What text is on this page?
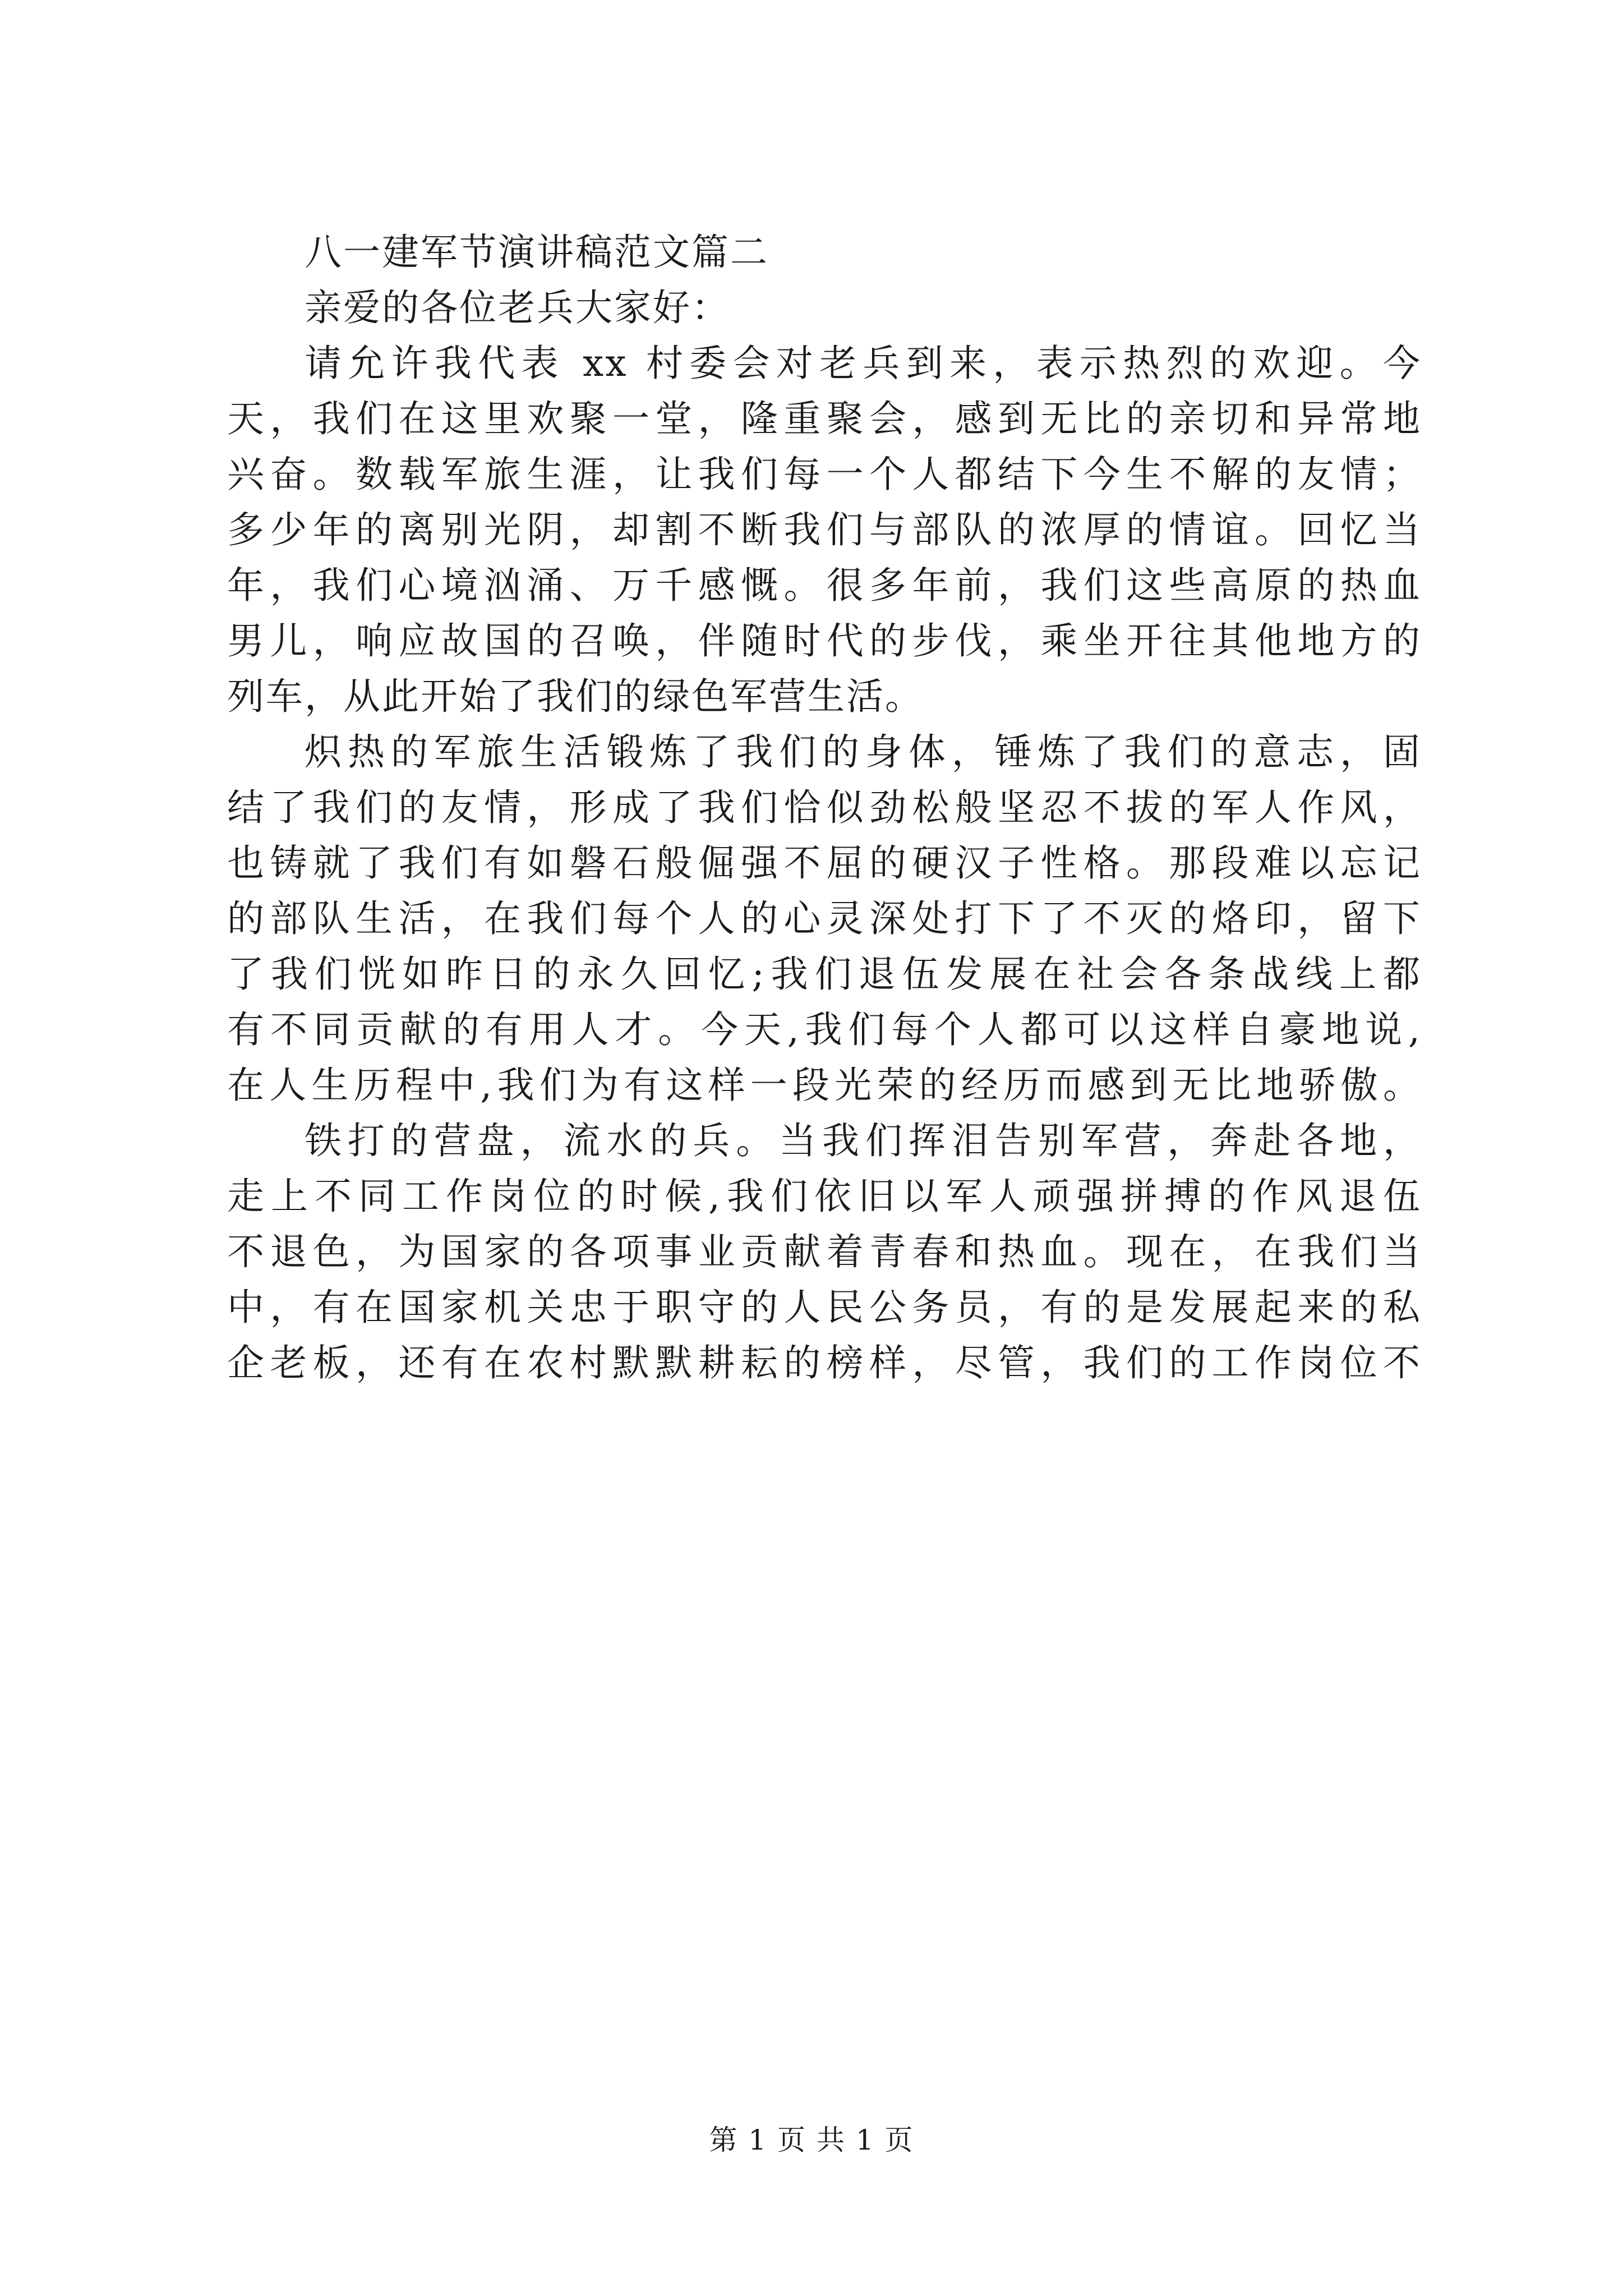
八一建军节演讲稿范文篇二
亲爱的各位老兵大家好：
请允许我代表 xx 村委会对老兵到来，表示热烈的欢迎。今
天，我们在这里欢聚一堂，隆重聚会，感到无比的亲切和异常地
兴奋。数载军旅生涯，让我们每一个人都结下今生不解的友情；
多少年的离别光阴，却割不断我们与部队的浓厚的情谊。回忆当
年，我们心境汹涌、万千感慨。很多年前，我们这些高原的热血
男儿，响应故国的召唤，伴随时代的步伐，乘坐开往其他地方的
列车，从此开始了我们的绿色军营生活。
炽热的军旅生活锻炼了我们的身体，锤炼了我们的意志，固
结了我们的友情，形成了我们恰似劲松般坚忍不拔的军人作风，
也铸就了我们有如磐石般倔强不屈的硬汉子性格。那段难以忘记
的部队生活，在我们每个人的心灵深处打下了不灭的烙印，留下
了我们恍如昨日的永久回忆;我们退伍发展在社会各条战线上都
有不同贡献的有用人才。今天,我们每个人都可以这样自豪地说,
在人生历程中,我们为有这样一段光荣的经历而感到无比地骄傲。
铁打的营盘，流水的兵。当我们挥泪告别军营，奔赴各地，
走上不同工作岗位的时候,我们依旧以军人顽强拼搏的作风退伍
不退色，为国家的各项事业贡献着青春和热血。现在，在我们当
中，有在国家机关忠于职守的人民公务员，有的是发展起来的私
企老板，还有在农村默默耕耘的榜样，尽管，我们的工作岗位不
第 1 页 共 1 页
